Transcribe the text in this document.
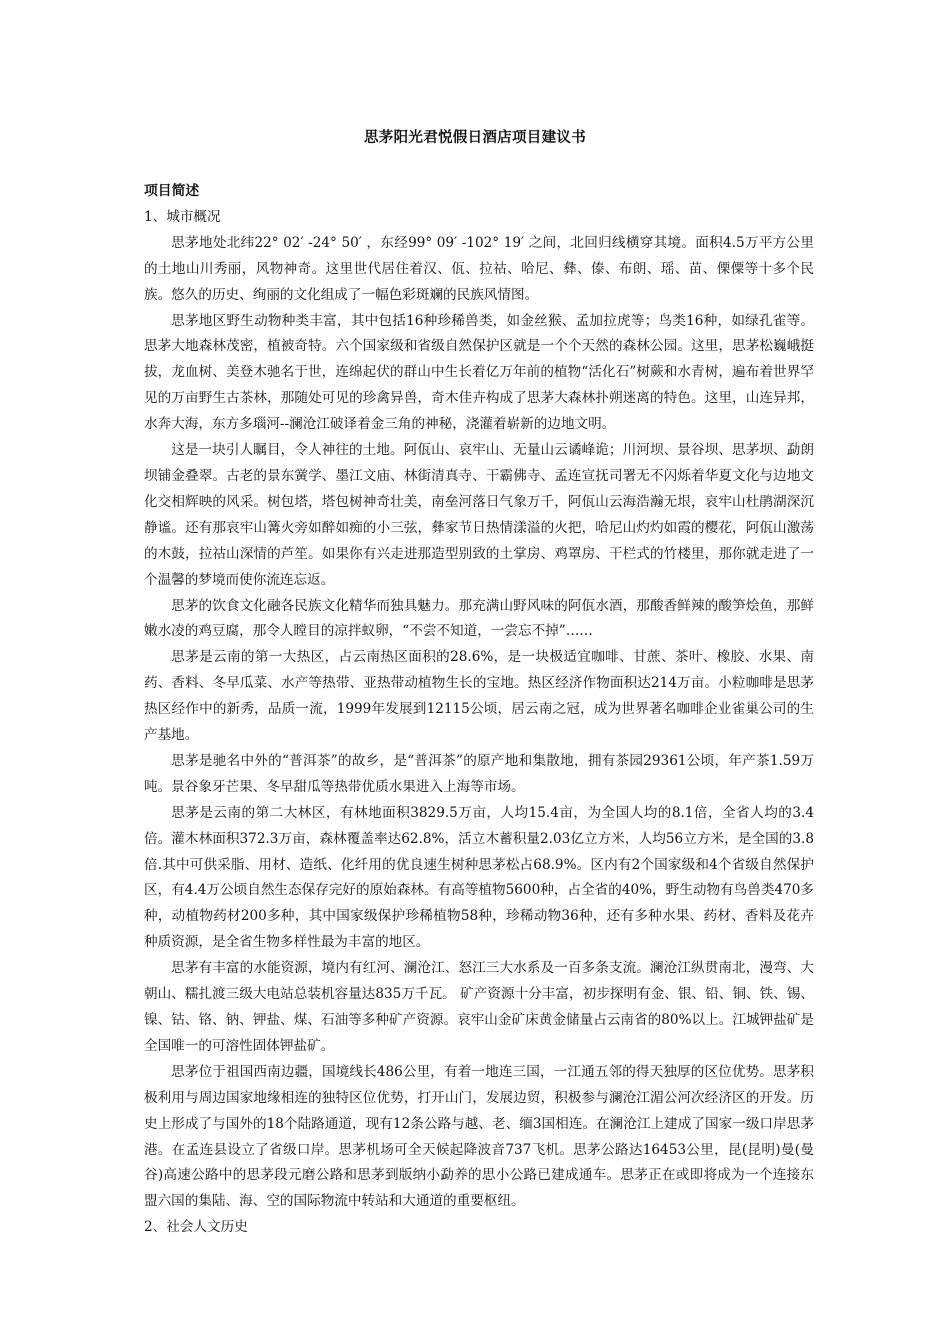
思茅阳光君悦假日酒店项目建议书

项目简述

1、城市概况

思茅地处北纬22° 02′ -24° 50′ ，东经99° 09′ -102° 19′ 之间，北回归线横穿其境。面积4.5万平方公里的土地山川秀丽，风物神奇。这里世代居住着汉、佤、拉祜、哈尼、彝、傣、布朗、瑶、苗、傈僳等十多个民族。悠久的历史、绚丽的文化组成了一幅色彩斑斓的民族风情图。

思茅地区野生动物种类丰富，其中包括16种珍稀兽类，如金丝猴、孟加拉虎等；鸟类16种，如绿孔雀等。思茅大地森林茂密，植被奇特。六个国家级和省级自然保护区就是一个个天然的森林公园。这里，思茅松巍峨挺拔，龙血树、美登木驰名于世，连绵起伏的群山中生长着亿万年前的植物“活化石”树蕨和水青树，遍布着世界罕见的万亩野生古茶林，那随处可见的珍禽异兽，奇木佳卉构成了思茅大森林扑朔迷离的特色。这里，山连异邦，水奔大海，东方多瑙河--澜沧江破译着金三角的神秘，浇灌着崭新的边地文明。

这是一块引人瞩目，令人神往的土地。阿佤山、哀牢山、无量山云谲峰诡；川河坝、景谷坝、思茅坝、勐朗坝铺金叠翠。古老的景东黉学、墨江文庙、林街清真寺、干霸佛寺、孟连宣抚司署无不闪烁着华夏文化与边地文化交相辉映的风采。树包塔，塔包树神奇壮美，南垒河落日气象万千，阿佤山云海浩瀚无垠，哀牢山杜鹃湖深沉静谧。还有那哀牢山篝火旁如醉如痴的小三弦，彝家节日热情漾溢的火把，哈尼山灼灼如霞的樱花，阿佤山激荡的木鼓，拉祜山深情的芦笙。如果你有兴走进那造型别致的土掌房、鸡罩房、干栏式的竹楼里，那你就走进了一个温馨的梦境而使你流连忘返。

思茅的饮食文化融各民族文化精华而独具魅力。那充满山野风味的阿佤水酒，那酸香鲜辣的酸笋烩鱼，那鲜嫩水凌的鸡豆腐，那令人瞠目的凉拌蚁卵，“不尝不知道，一尝忘不掉”……

思茅是云南的第一大热区，占云南热区面积的28.6%，是一块极适宜咖啡、甘蔗、茶叶、橡胶、水果、南药、香料、冬早瓜菜、水产等热带、亚热带动植物生长的宝地。热区经济作物面积达214万亩。小粒咖啡是思茅热区经作中的新秀，品质一流，1999年发展到12115公顷，居云南之冠，成为世界著名咖啡企业雀巢公司的生产基地。

思茅是驰名中外的“普洱茶”的故乡，是“普洱茶”的原产地和集散地，拥有茶园29361公顷，年产茶1.59万吨。景谷象牙芒果、冬早甜瓜等热带优质水果进入上海等市场。

思茅是云南的第二大林区，有林地面积3829.5万亩，人均15.4亩，为全国人均的8.1倍，全省人均的3.4倍。灌木林面积372.3万亩，森林覆盖率达62.8%，活立木蓄积量2.03亿立方米，人均56立方米，是全国的3.8倍.其中可供采脂、用材、造纸、化纤用的优良速生树种思茅松占68.9%。区内有2个国家级和4个省级自然保护区，有4.4万公顷自然生态保存完好的原始森林。有高等植物5600种，占全省的40%，野生动物有鸟兽类470多种，动植物药材200多种，其中国家级保护珍稀植物58种，珍稀动物36种，还有多种水果、药材、香料及花卉种质资源，是全省生物多样性最为丰富的地区。

思茅有丰富的水能资源，境内有红河、澜沧江、怒江三大水系及一百多条支流。澜沧江纵贯南北，漫弯、大朝山、糯扎渡三级大电站总装机容量达835万千瓦。 矿产资源十分丰富，初步探明有金、银、铅、铜、铁、锡、镍、钴、铬、钠、钾盐、煤、石油等多种矿产资源。哀牢山金矿床黄金储量占云南省的80%以上。江城钾盐矿是全国唯一的可溶性固体钾盐矿。

思茅位于祖国西南边疆，国境线长486公里，有着一地连三国，一江通五邻的得天独厚的区位优势。思茅积极利用与周边国家地缘相连的独特区位优势，打开山门，发展边贸，积极参与澜沧江湄公河次经济区的开发。历史上形成了与国外的18个陆路通道，现有12条公路与越、老、缅3国相连。在澜沧江上建成了国家一级口岸思茅港。在孟连县设立了省级口岸。思茅机场可全天候起降波音737飞机。思茅公路达16453公里，昆(昆明)曼(曼谷)高速公路中的思茅段元磨公路和思茅到版纳小勐养的思小公路已建成通车。思茅正在或即将成为一个连接东盟六国的集陆、海、空的国际物流中转站和大通道的重要枢纽。

2、社会人文历史
